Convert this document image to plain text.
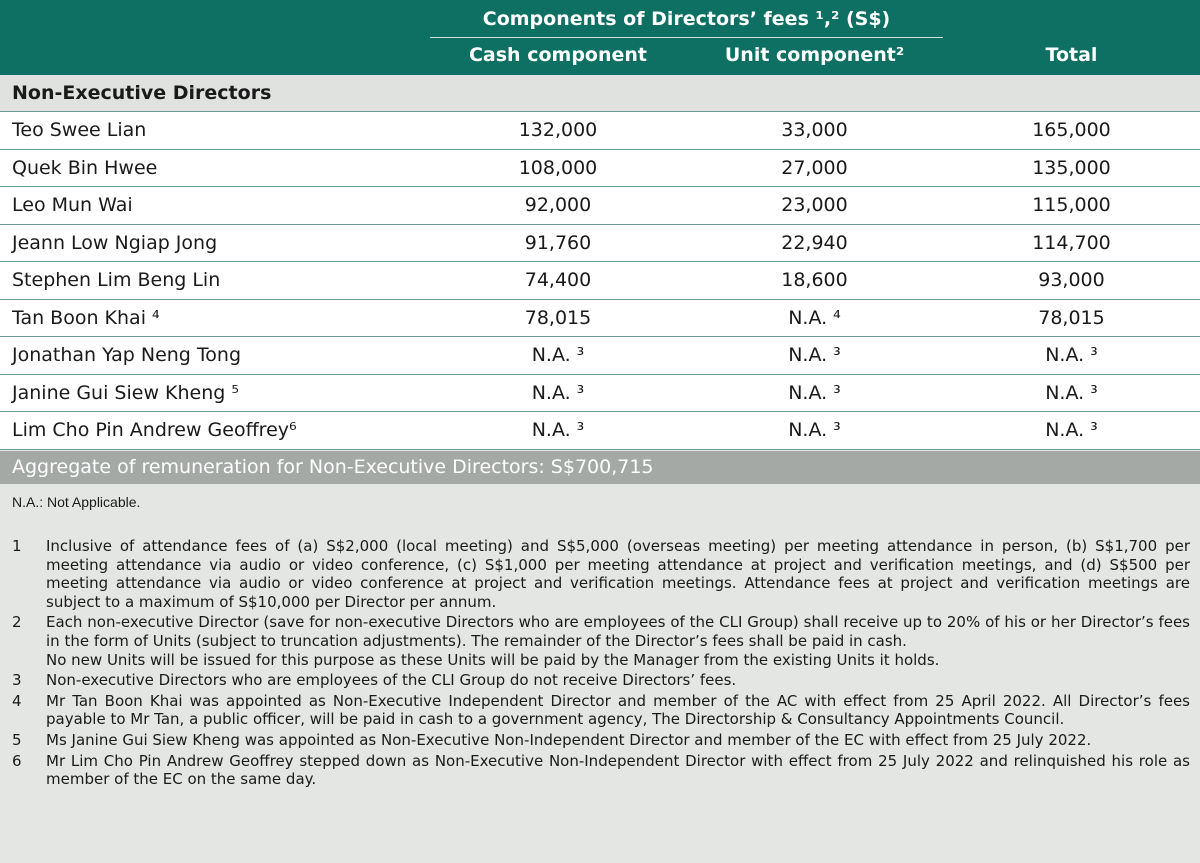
Components of Directors’ fees ¹,² (S$)
Cash component	Unit component²	Total
Non-Executive Directors
Teo Swee Lian	132,000	33,000	165,000
Quek Bin Hwee	108,000	27,000	135,000
Leo Mun Wai	92,000	23,000	115,000
Jeann Low Ngiap Jong	91,760	22,940	114,700
Stephen Lim Beng Lin	74,400	18,600	93,000
Tan Boon Khai ⁴	78,015	N.A. ⁴	78,015
Jonathan Yap Neng Tong	N.A. ³	N.A. ³	N.A. ³
Janine Gui Siew Kheng ⁵	N.A. ³	N.A. ³	N.A. ³
Lim Cho Pin Andrew Geoffrey⁶	N.A. ³	N.A. ³	N.A. ³
Aggregate of remuneration for Non-Executive Directors: S$700,715
N.A.: Not Applicable.
1	Inclusive of attendance fees of (a) S$2,000 (local meeting) and S$5,000 (overseas meeting) per meeting attendance in person, (b) S$1,700 per meeting attendance via audio or video conference, (c) S$1,000 per meeting attendance at project and verification meetings, and (d) S$500 per meeting attendance via audio or video conference at project and verification meetings. Attendance fees at project and verification meetings are subject to a maximum of S$10,000 per Director per annum.
2	Each non-executive Director (save for non-executive Directors who are employees of the CLI Group) shall receive up to 20% of his or her Director’s fees in the form of Units (subject to truncation adjustments). The remainder of the Director’s fees shall be paid in cash.
No new Units will be issued for this purpose as these Units will be paid by the Manager from the existing Units it holds.
3	Non-executive Directors who are employees of the CLI Group do not receive Directors’ fees.
4	Mr Tan Boon Khai was appointed as Non-Executive Independent Director and member of the AC with effect from 25 April 2022. All Director’s fees payable to Mr Tan, a public officer, will be paid in cash to a government agency, The Directorship & Consultancy Appointments Council.
5	Ms Janine Gui Siew Kheng was appointed as Non-Executive Non-Independent Director and member of the EC with effect from 25 July 2022.
6	Mr Lim Cho Pin Andrew Geoffrey stepped down as Non-Executive Non-Independent Director with effect from 25 July 2022 and relinquished his role as member of the EC on the same day.
